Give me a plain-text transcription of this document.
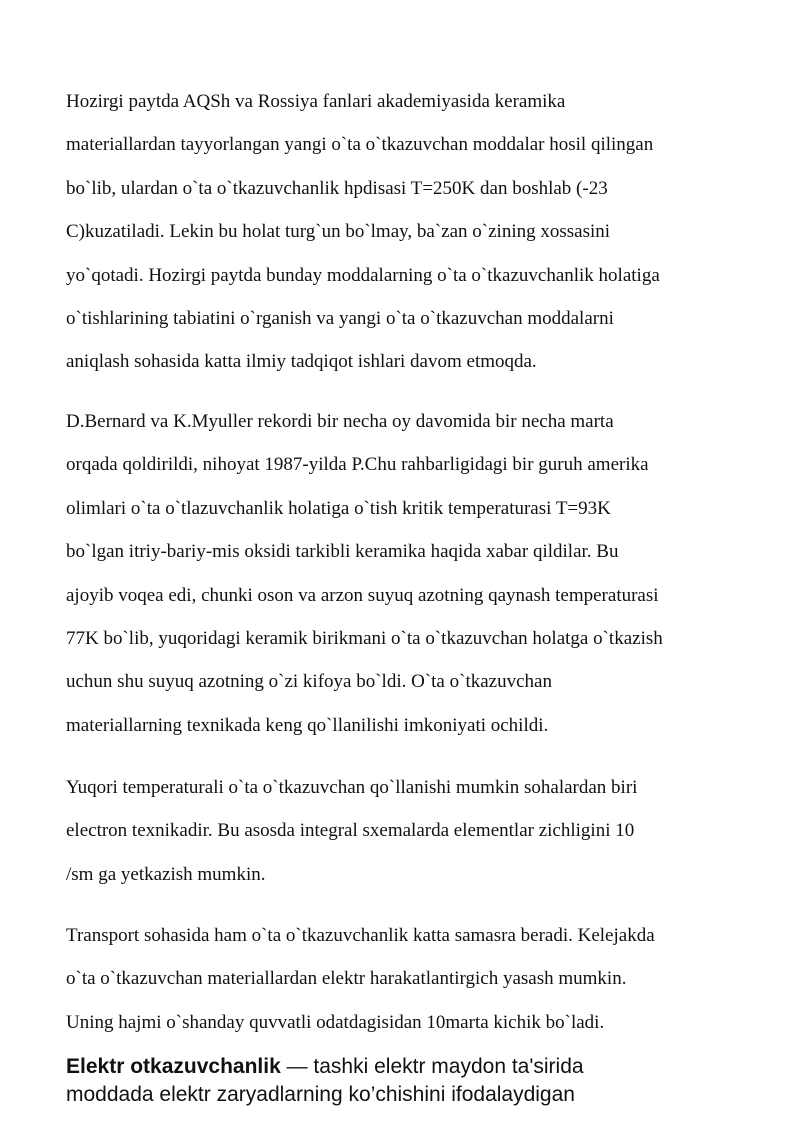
Hozirgi paytda AQSh va Rossiya fanlari akademiyasida keramika
materiallardan tayyorlangan yangi o`ta o`tkazuvchan moddalar hosil qilingan
bo`lib, ulardan o`ta o`tkazuvchanlik hpdisasi T=250K dan boshlab (-23
C)kuzatiladi. Lekin bu holat turg`un bo`lmay, ba`zan o`zining xossasini
yo`qotadi. Hozirgi paytda bunday moddalarning o`ta o`tkazuvchanlik holatiga
o`tishlarining tabiatini o`rganish va yangi o`ta o`tkazuvchan moddalarni
aniqlash sohasida katta ilmiy tadqiqot ishlari davom etmoqda.
D.Bernard va K.Myuller rekordi bir necha oy davomida bir necha marta
orqada qoldirildi, nihoyat 1987-yilda P.Chu rahbarligidagi bir guruh amerika
olimlari o`ta o`tlazuvchanlik holatiga o`tish kritik temperaturasi T=93K
bo`lgan itriy-bariy-mis oksidi tarkibli keramika haqida xabar qildilar. Bu
ajoyib voqea edi, chunki oson va arzon suyuq azotning qaynash temperaturasi
77K bo`lib, yuqoridagi keramik birikmani o`ta o`tkazuvchan holatga o`tkazish
uchun shu suyuq azotning o`zi kifoya bo`ldi. O`ta o`tkazuvchan
materiallarning texnikada keng qo`llanilishi imkoniyati ochildi.
Yuqori temperaturali o`ta o`tkazuvchan qo`llanishi mumkin sohalardan biri
electron texnikadir. Bu asosda integral sxemalarda elementlar zichligini 10
/sm ga yetkazish mumkin.
Transport sohasida ham o`ta o`tkazuvchanlik katta samasra beradi. Kelejakda
o`ta o`tkazuvchan materiallardan elektr harakatlantirgich yasash mumkin.
Uning hajmi o`shanday quvvatli odatdagisidan 10marta kichik bo`ladi.
Elektr otkazuvchanlik — tashki elektr maydon ta'sirida
moddada elektr zaryadlarning ko’chishini ifodalaydigan
